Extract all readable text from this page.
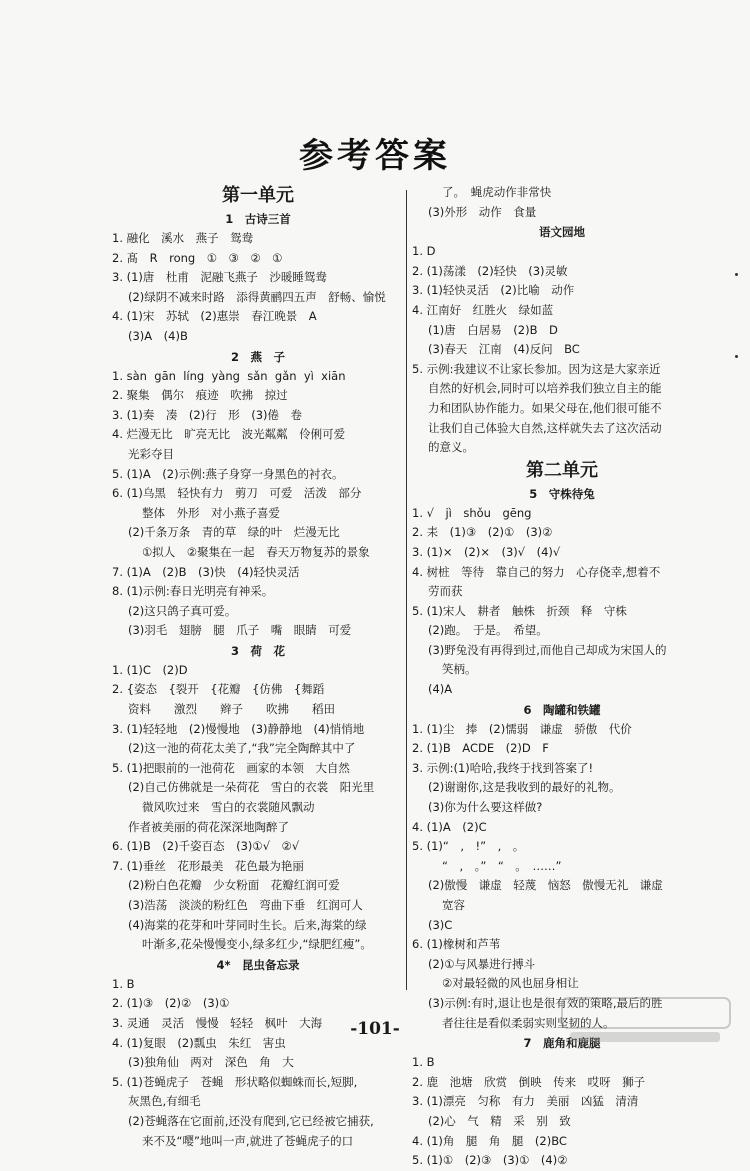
参考答案
第一单元
1　古诗三首
1. 融化　溪水　燕子　鸳鸯
2. 髙　R　rong　①　③　②　①
3. (1)唐　杜甫　泥融飞燕子　沙暖睡鸳鸯
(2)绿阴不减来时路　添得黄鹂四五声　舒畅、愉悦
4. (1)宋　苏轼　(2)惠崇　春江晚景　A
(3)A　(4)B
2　燕　子
1. sàn  gān  líng  yàng  sǎn  gǎn  yì  xiān
2. 聚集　偶尔　痕迹　吹拂　掠过
3. (1)奏　凑　(2)行　形　(3)倦　卷
4. 烂漫无比　旷亮无比　波光粼粼　伶俐可爱
光彩夺目
5. (1)A　(2)示例:燕子身穿一身黑色的衬衣。
6. (1)乌黑　轻快有力　剪刀　可爱　活泼　部分
整体　外形　对小燕子喜爱
(2)千条万条　青的草　绿的叶　烂漫无比
①拟人　②聚集在一起　春天万物复苏的景象
7. (1)A　(2)B　(3)快　(4)轻快灵活
8. (1)示例:春日光明亮有神采。
(2)这只鸽子真可爱。
(3)羽毛　翅膀　腿　爪子　嘴　眼睛　可爱
3　荷　花
1. (1)C　(2)D
2. {姿态　{裂开　{花瓣　{仿佛　{舞蹈
资料　　激烈　　辫子　　吹拂　　稻田
3. (1)轻轻地　(2)慢慢地　(3)静静地　(4)悄悄地
(2)这一池的荷花太美了,“我”完全陶醉其中了
5. (1)把眼前的一池荷花　画家的本领　大自然
(2)自己仿佛就是一朵荷花　雪白的衣裳　阳光里
微风吹过来　雪白的衣裳随风飘动
作者被美丽的荷花深深地陶醉了
6. (1)B　(2)千姿百态　(3)①√　②√
7. (1)垂丝　花形最美　花色最为艳丽
(2)粉白色花瓣　少女粉面　花瓣红润可爱
(3)浩荡　淡淡的粉红色　弯曲下垂　红润可人
(4)海棠的花芽和叶芽同时生长。后来,海棠的绿
叶渐多,花朵慢慢变小,绿多红少,“绿肥红瘦”。
4*　昆虫备忘录
1. B
2. (1)③　(2)②　(3)①
3. 灵通　灵活　慢慢　轻轻　枫叶　大海
4. (1)复眼　(2)瓢虫　朱红　害虫
(3)独角仙　两对　深色　角　大
5. (1)苍蝇虎子　苍蝇　形状略似蜘蛛而长,短脚,
灰黑色,有细毛
(2)苍蝇落在它面前,还没有爬到,它已经被它捕获,
来不及“嘤”地叫一声,就进了苍蝇虎子的口
了。　蝇虎动作非常快
(3)外形　动作　食量
语文园地
1. D
2. (1)荡漾　(2)轻快　(3)灵敏
3. (1)轻快灵活　(2)比喻　动作
4. 江南好　红胜火　绿如蓝
(1)唐　白居易　(2)B　D
(3)春天　江南　(4)反问　BC
5. 示例:我建议不让家长参加。因为这是大家亲近
自然的好机会,同时可以培养我们独立自主的能
力和团队协作能力。如果父母在,他们很可能不
让我们自己体验大自然,这样就失去了这次活动
的意义。
第二单元
5　守株待兔
1. √　jì　shǒu　gēng
2. 耒　(1)③　(2)①　(3)②
3. (1)×　(2)×　(3)√　(4)√
4. 树桩　等待　靠自己的努力　心存侥幸,想着不
劳而获
5. (1)宋人　耕者　触株　折颈　释　守株
(2)跑。　于是。　希望。
(3)野兔没有再得到过,而他自己却成为宋国人的
笑柄。
(4)A
6　陶罐和铁罐
1. (1)尘　捧　(2)懦弱　谦虚　骄傲　代价
2. (1)B　ACDE　(2)D　F
3. 示例:(1)哈哈,我终于找到答案了!
(2)谢谢你,这是我收到的最好的礼物。
(3)你为什么要这样做?
4. (1)A　(2)C
5. (1)“　,　!”　,　。
“　,　。”　“　。　……”
(2)傲慢　谦虚　轻蔑　恼怒　傲慢无礼　谦虚
宽容
(3)C
6. (1)橡树和芦苇
(2)①与风暴进行搏斗
②对最轻微的风也屈身相让
(3)示例:有时,退让也是很有效的策略,最后的胜
者往往是看似柔弱实则坚韧的人。
7　鹿角和鹿腿
1. B
2. 鹿　池塘　欣赏　倒映　传来　哎呀　狮子
3. (1)漂亮　匀称　有力　美丽　凶猛　清清
(2)心　气　精　采　别　致
4. (1)角　腿　角　腿　(2)BC
5. (1)①　(2)③　(3)①　(4)②
-101-
